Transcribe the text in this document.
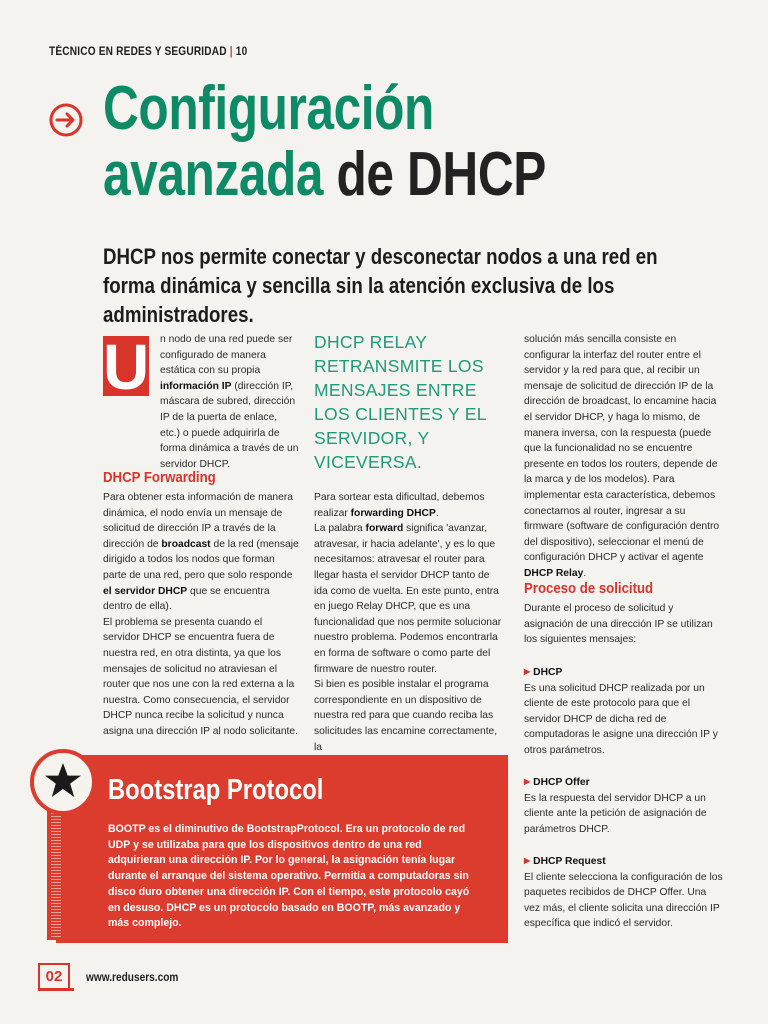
TÉCNICO EN REDES Y SEGURIDAD | 10
Configuración
avanzada de DHCP
DHCP nos permite conectar y desconectar nodos a una red en forma dinámica y sencilla sin la atención exclusiva de los administradores.
U n nodo de una red puede ser configurado de manera estática con su propia información IP (dirección IP, máscara de subred, dirección IP de la puerta de enlace, etc.) o puede adquirirla de forma dinámica a través de un servidor DHCP.

DHCP Forwarding

Para obtener esta información de manera dinámica, el nodo envía un mensaje de solicitud de dirección IP a través de la dirección de broadcast de la red (mensaje dirigido a todos los nodos que forman parte de una red, pero que solo responde el servidor DHCP que se encuentra dentro de ella).

El problema se presenta cuando el servidor DHCP se encuentra fuera de nuestra red, en otra distinta, ya que los mensajes de solicitud no atraviesan el router que nos une con la red externa a la nuestra. Como consecuencia, el servidor DHCP nunca recibe la solicitud y nunca asigna una dirección IP al nodo solicitante.

DHCP RELAY RETRANSMITE LOS MENSAJES ENTRE LOS CLIENTES Y EL SERVIDOR, Y VICEVERSA.

Para sortear esta dificultad, debemos realizar forwarding DHCP.

La palabra forward significa 'avanzar, atravesar, ir hacia adelante', y es lo que necesitamos: atravesar el router para llegar hasta el servidor DHCP tanto de ida como de vuelta. En este punto, entra en juego Relay DHCP, que es una funcionalidad que nos permite solucionar nuestro problema. Podemos encontrarla en forma de software o como parte del firmware de nuestro router.

Si bien es posible instalar el programa correspondiente en un dispositivo de nuestra red para que cuando reciba las solicitudes las encamine correctamente, la

solución más sencilla consiste en configurar la interfaz del router entre el servidor y la red para que, al recibir un mensaje de solicitud de dirección IP de la dirección de broadcast, lo encamine hacia el servidor DHCP, y haga lo mismo, de manera inversa, con la respuesta (puede que la funcionalidad no se encuentre presente en todos los routers, depende de la marca y de los modelos). Para implementar esta característica, debemos conectarnos al router, ingresar a su firmware (software de configuración dentro del dispositivo), seleccionar el menú de configuración DHCP y activar el agente DHCP Relay.

Proceso de solicitud

Durante el proceso de solicitud y asignación de una dirección IP se utilizan los siguientes mensajes:

▶ DHCP

Es una solicitud DHCP realizada por un cliente de este protocolo para que el servidor DHCP de dicha red de computadoras le asigne una dirección IP y otros parámetros.

▶ DHCP Offer

Es la respuesta del servidor DHCP a un cliente ante la petición de asignación de parámetros DHCP.

▶ DHCP Request

El cliente selecciona la configuración de los paquetes recibidos de DHCP Offer. Una vez más, el cliente solicita una dirección IP específica que indicó el servidor.

Bootstrap Protocol
BOOTP es el diminutivo de BootstrapProtocol. Era un protocolo de red UDP y se utilizaba para que los dispositivos dentro de una red adquirieran una dirección IP. Por lo general, la asignación tenía lugar durante el arranque del sistema operativo. Permitía a computadoras sin disco duro obtener una dirección IP. Con el tiempo, este protocolo cayó en desuso. DHCP es un protocolo basado en BOOTP, más avanzado y más complejo.
02	www.redusers.com
